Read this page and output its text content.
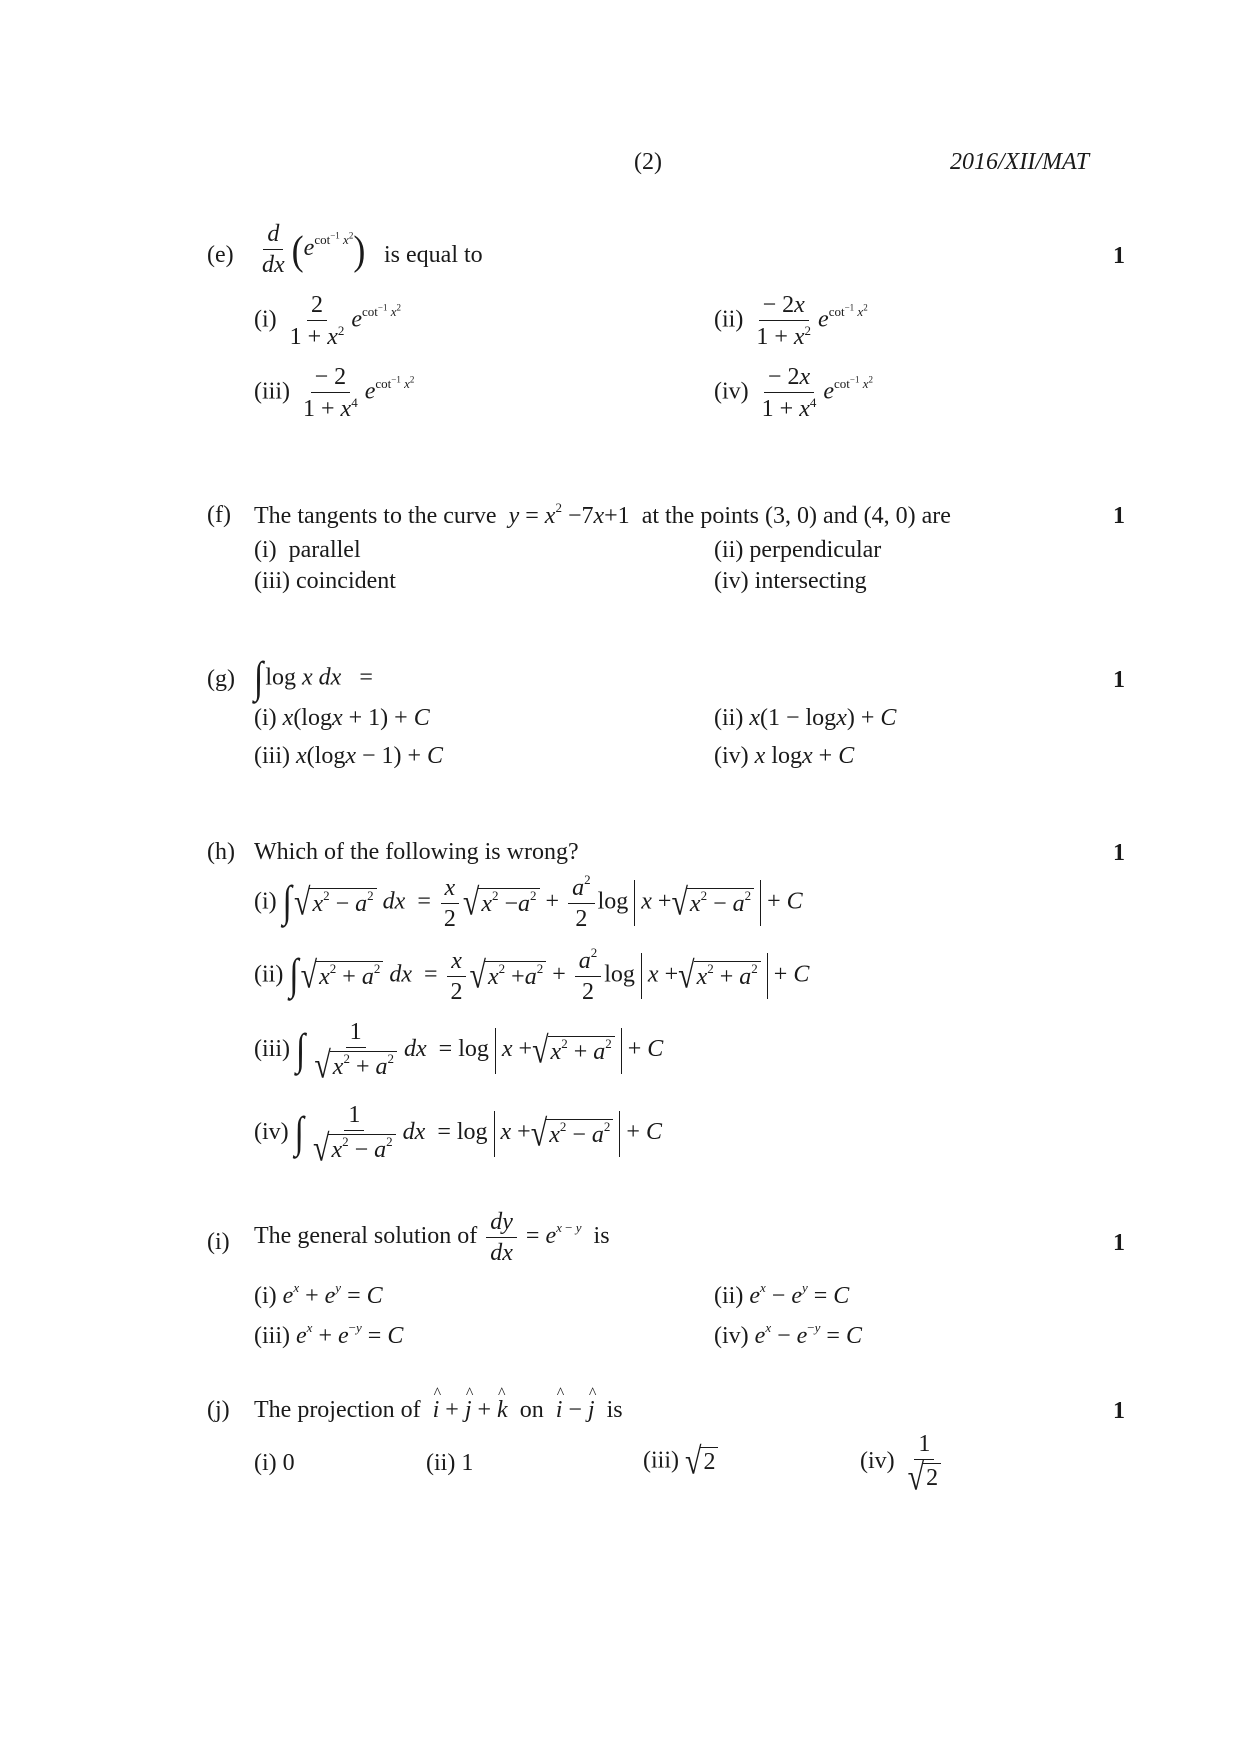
(2)	2016/XII/MAT
$(e) \frac{d}{dx} (e^{cot^{-1} x^2})$ is equal to	1
$(i) \frac{2}{1 + x^2} e^{cot^{-1} x^2}$	$(ii) \frac{- 2x}{1 + x^2} e^{cot^{-1} x^2}$
$(iii) \frac{- 2}{1 + x^4} e^{cot^{-1} x^2}$	$(iv) \frac{- 2x}{1 + x^4} e^{cot^{-1} x^2}$
(f) The tangents to the curve $y = x^2 -7x+1$ at the points (3, 0) and (4, 0) are	1
(i)  parallel	(ii) perpendicular
(iii) coincident	(iv) intersecting
(g) ∫log x dx   =	1
(i) x(logx + 1) + C	(ii) x(1 − logx) + C
(iii) x(logx − 1) + C	(iv) x logx + C
(h) Which of the following is wrong?	1
(i) ∫ √ $x^2 - a^2$ dx  = $\frac{x}{2}$ √ $x^2 -a^2 + \frac{a^2}{2}$ log x + √ $x^2 - a^2 + C$
(ii) ∫ √ $x^2 + a^2$ dx  = $\frac{x}{2}$ √ $x^2 +a^2 + \frac{a^2}{2}$ log x + √ $x^2 + a^2 + C$
(iii) ∫ $\frac{1}{√ x^2 + a^2}$ dx  = log x + √ $x^2 + a^2 + C$
(iv) ∫ $\frac{1}{√ x^2 - a^2}$ dx  = log x + √ $x^2 - a^2 + C$
(i) The general solution of $\frac{dy}{dx} = e^{x - y}$ is	1
(i) $e^x + e^y = C$	(ii) $e^x - e^y = C$
(iii) $e^x + e^{-y} = C$	(iv) $e^x - e^{-y} = C$
(j) The projection of ^ i + ^ j + ^ k on ^ i − ^ j is	1
(i) 0	(ii) 1	(iii) √ 2	$(iv) \frac{1}{√ 2}$
